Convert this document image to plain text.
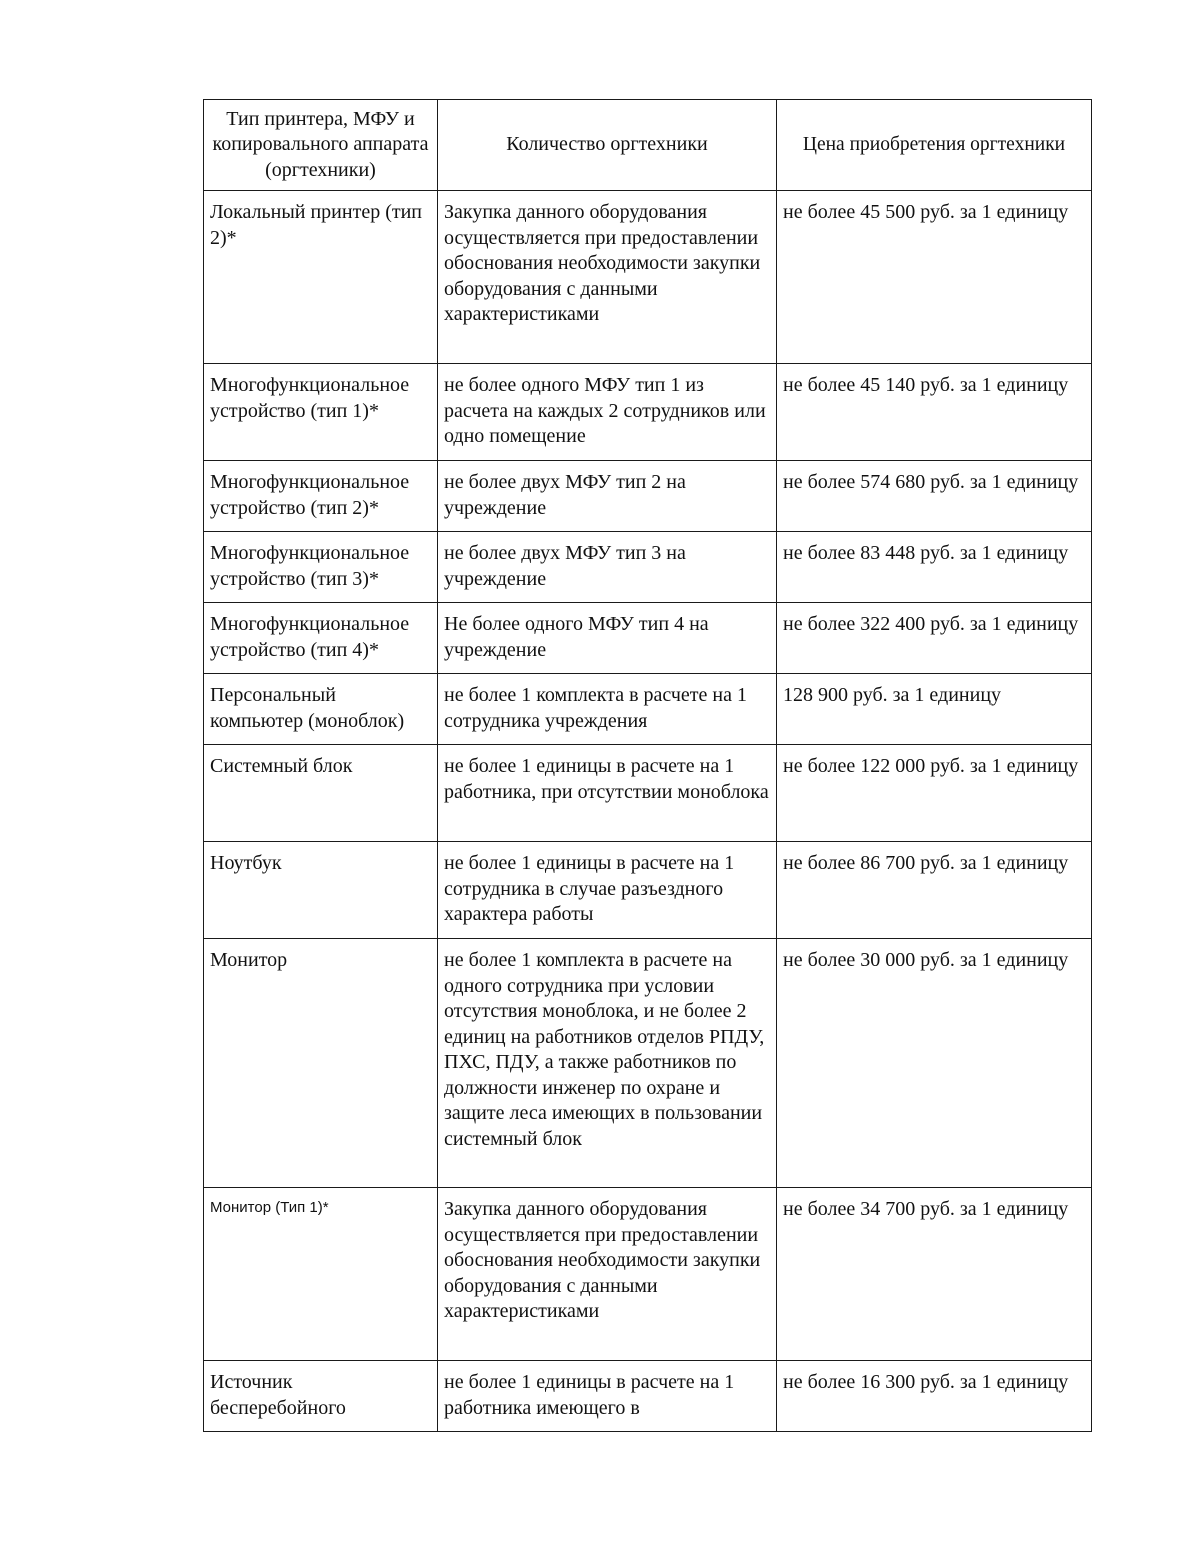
Тип принтера, МФУ и копировального аппарата (оргтехники)	Количество оргтехники	Цена приобретения оргтехники
Локальный принтер (тип 2)*	Закупка данного оборудования осуществляется при предоставлении обоснования необходимости закупки оборудования с данными характеристиками	не более 45 500 руб. за 1 единицу
Многофункциональное устройство (тип 1)*	не более одного МФУ тип 1 из расчета на каждых 2 сотрудников или одно помещение	не более 45 140 руб. за 1 единицу
Многофункциональное устройство (тип 2)*	не более двух МФУ тип 2 на учреждение	не более 574 680 руб. за 1 единицу
Многофункциональное устройство (тип 3)*	не более двух МФУ тип 3 на учреждение	не более 83 448 руб. за 1 единицу
Многофункциональное устройство (тип 4)*	Не более одного МФУ тип 4 на учреждение	не более 322 400 руб. за 1 единицу
Персональный компьютер (моноблок)	не более 1 комплекта в расчете на 1 сотрудника учреждения	128 900 руб. за 1 единицу
Системный блок	не более 1 единицы в расчете на 1 работника, при отсутствии моноблока	не более 122 000 руб. за 1 единицу
Ноутбук	не более 1 единицы в расчете на 1 сотрудника в случае разъездного характера работы	не более 86 700 руб. за 1 единицу
Монитор	не более 1 комплекта в расчете на одного сотрудника при условии отсутствия моноблока, и не более 2 единиц на работников отделов РПДУ, ПХС, ПДУ, а также работников по должности инженер по охране и защите леса имеющих в пользовании системный блок	не более 30 000 руб. за 1 единицу

Монитор (Тип 1)*	Закупка данного оборудования осуществляется при предоставлении обоснования необходимости закупки оборудования с данными характеристиками	не более 34 700 руб. за 1 единицу
Источник бесперебойного	не более 1 единицы в расчете на 1 работника имеющего в	не более 16 300 руб. за 1 единицу
